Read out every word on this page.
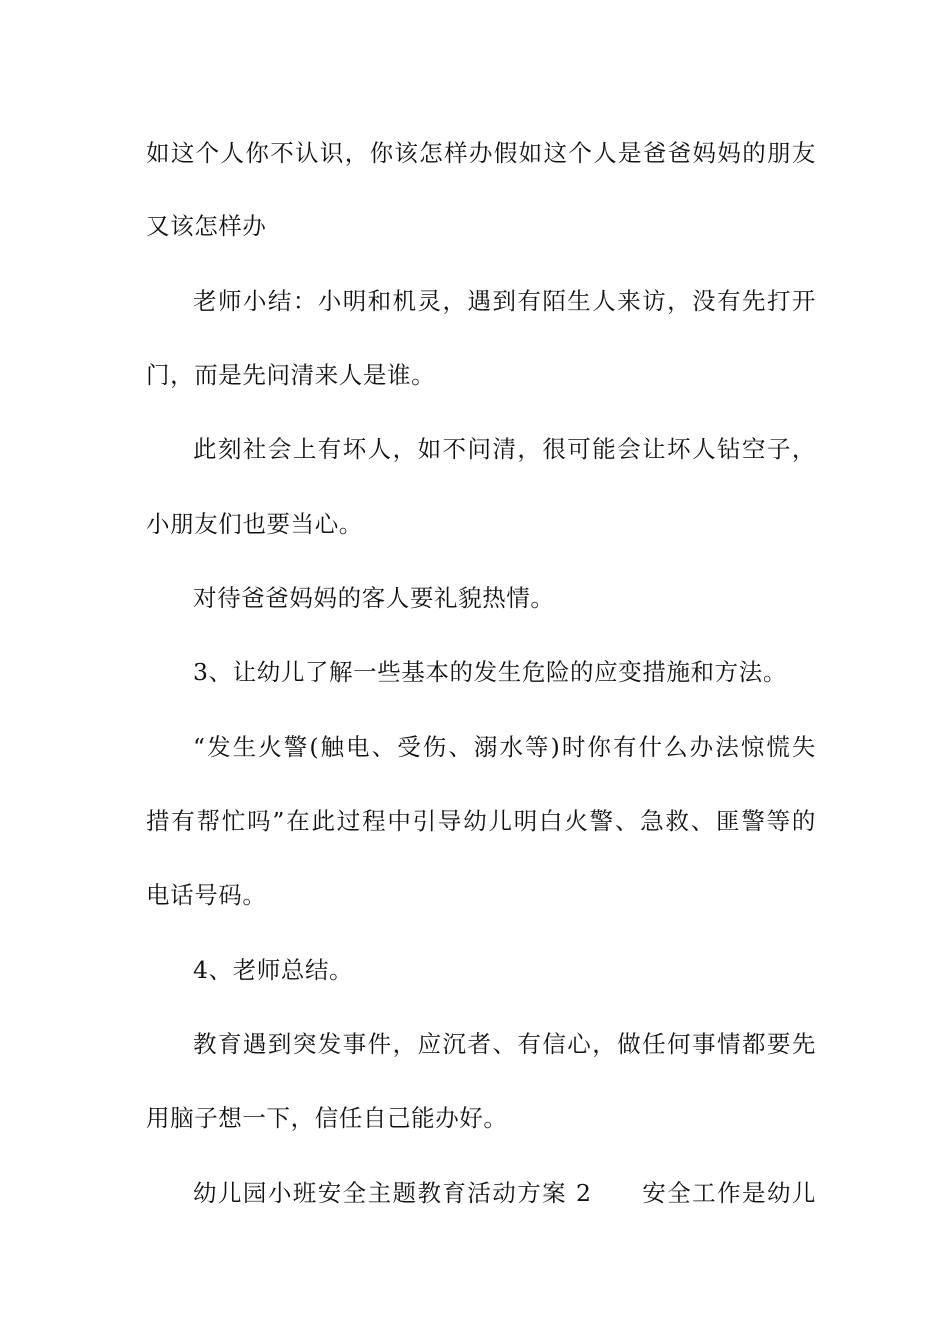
如这个人你不认识，你该怎样办假如这个人是爸爸妈妈的朋友

又该怎样办

老师小结：小明和机灵，遇到有陌生人来访，没有先打开

门，而是先问清来人是谁。

此刻社会上有坏人，如不问清，很可能会让坏人钻空子，

小朋友们也要当心。

对待爸爸妈妈的客人要礼貌热情。

3、让幼儿了解一些基本的发生危险的应变措施和方法。

“发生火警(触电、受伤、溺水等)时你有什么办法惊慌失

措有帮忙吗”在此过程中引导幼儿明白火警、急救、匪警等的

电话号码。

4、老师总结。

教育遇到突发事件，应沉者、有信心，做任何事情都要先

用脑子想一下，信任自己能办好。

幼儿园小班安全主题教育活动方案 2　　安全工作是幼儿
